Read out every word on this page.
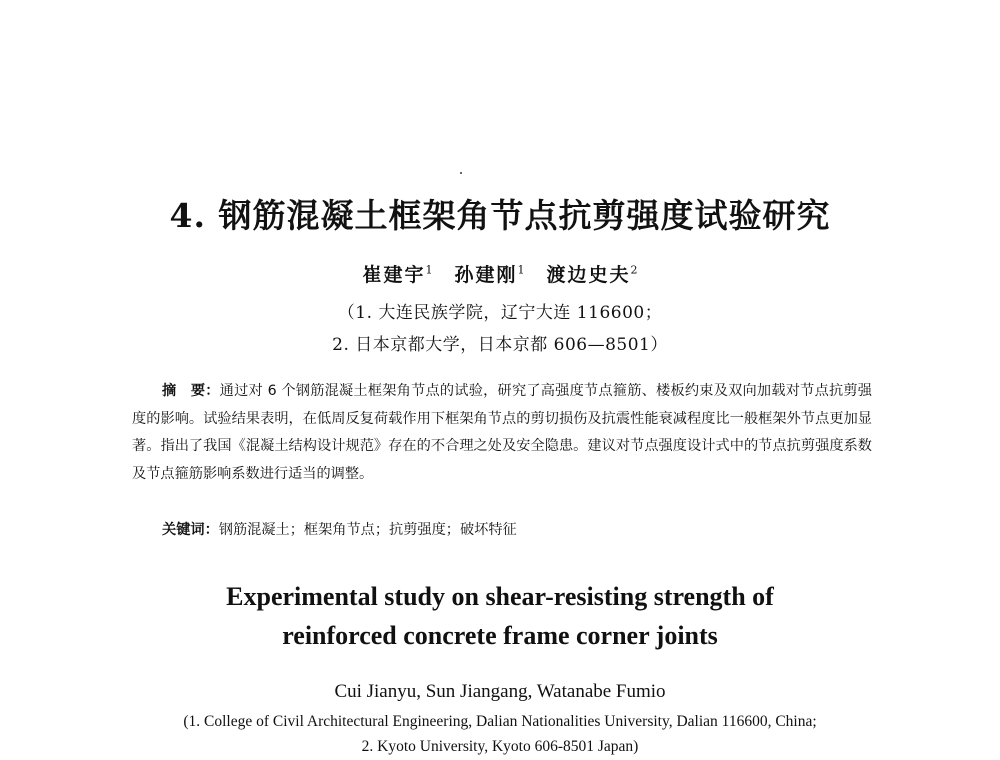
4. 钢筋混凝土框架角节点抗剪强度试验研究
崔建宇$^1$ 孙建刚$^1$ 渡边史夫$^2$
（1. 大连民族学院，辽宁大连 116600；
2. 日本京都大学，日本京都 606—8501）
摘　要：通过对 6 个钢筋混凝土框架角节点的试验，研究了高强度节点箍筋、楼板约束及双向加载对节点抗剪强度的影响。试验结果表明，在低周反复荷载作用下框架角节点的剪切损伤及抗震性能衰减程度比一般框架外节点更加显著。指出了我国《混凝土结构设计规范》存在的不合理之处及安全隐患。建议对节点强度设计式中的节点抗剪强度系数及节点箍筋影响系数进行适当的调整。
关键词：钢筋混凝土；框架角节点；抗剪强度；破坏特征
Experimental study on shear-resisting strength of
reinforced concrete frame corner joints
Cui Jianyu, Sun Jiangang, Watanabe Fumio
(1. College of Civil Architectural Engineering, Dalian Nationalities University, Dalian 116600, China;
2. Kyoto University, Kyoto 606-8501 Japan)
